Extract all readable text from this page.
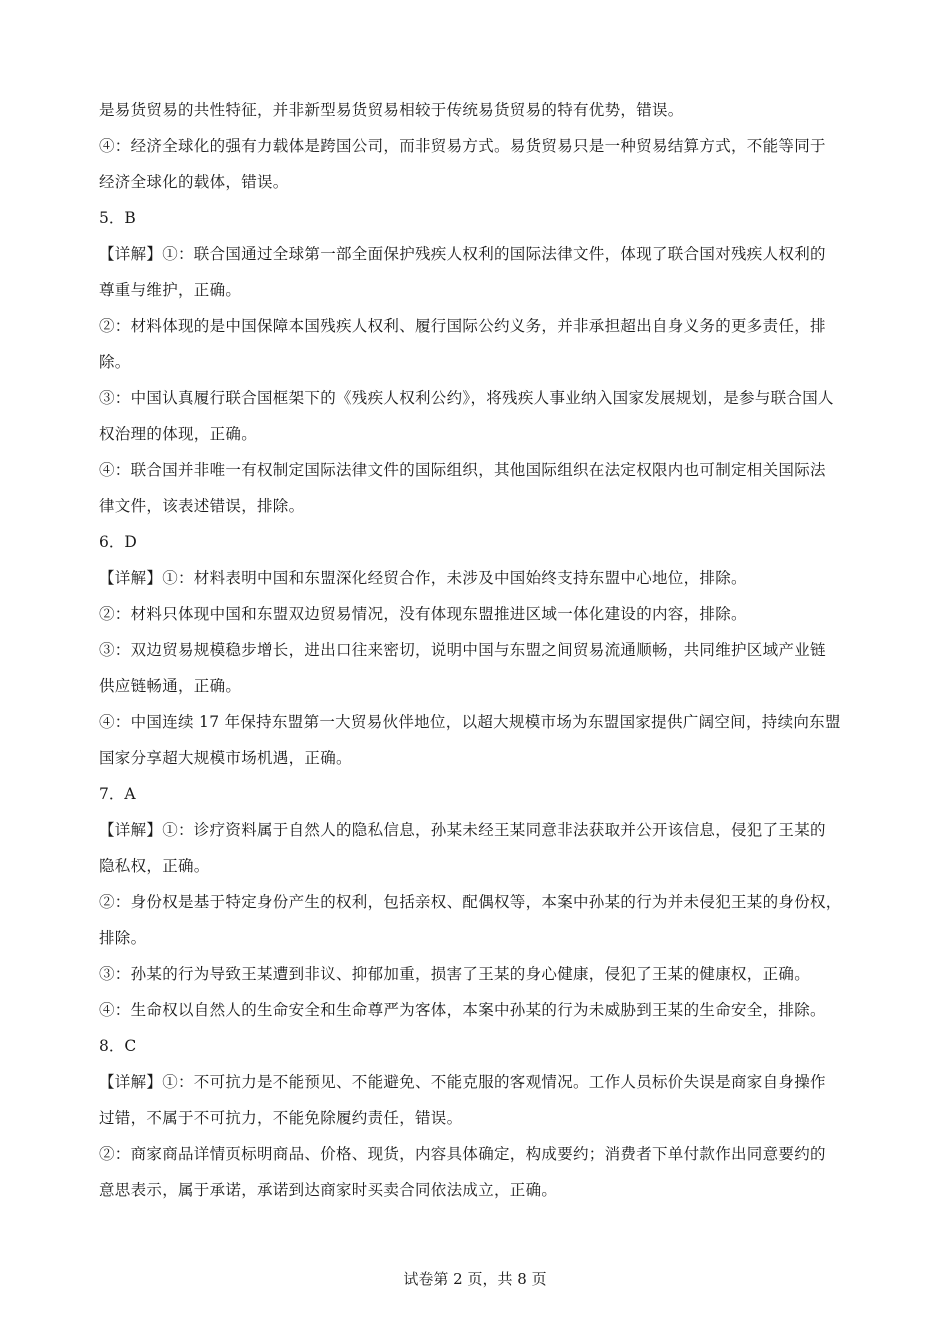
是易货贸易的共性特征，并非新型易货贸易相较于传统易货贸易的特有优势，错误。
④：经济全球化的强有力载体是跨国公司，而非贸易方式。易货贸易只是一种贸易结算方式，不能等同于
经济全球化的载体，错误。
5．B
【详解】①：联合国通过全球第一部全面保护残疾人权利的国际法律文件，体现了联合国对残疾人权利的
尊重与维护，正确。
②：材料体现的是中国保障本国残疾人权利、履行国际公约义务，并非承担超出自身义务的更多责任，排
除。
③：中国认真履行联合国框架下的《残疾人权利公约》，将残疾人事业纳入国家发展规划，是参与联合国人
权治理的体现，正确。
④：联合国并非唯一有权制定国际法律文件的国际组织，其他国际组织在法定权限内也可制定相关国际法
律文件，该表述错误，排除。
6．D
【详解】①：材料表明中国和东盟深化经贸合作，未涉及中国始终支持东盟中心地位，排除。
②：材料只体现中国和东盟双边贸易情况，没有体现东盟推进区域一体化建设的内容，排除。
③：双边贸易规模稳步增长，进出口往来密切，说明中国与东盟之间贸易流通顺畅，共同维护区域产业链
供应链畅通，正确。
④：中国连续 17 年保持东盟第一大贸易伙伴地位，以超大规模市场为东盟国家提供广阔空间，持续向东盟
国家分享超大规模市场机遇，正确。
7．A
【详解】①：诊疗资料属于自然人的隐私信息，孙某未经王某同意非法获取并公开该信息，侵犯了王某的
隐私权，正确。
②：身份权是基于特定身份产生的权利，包括亲权、配偶权等，本案中孙某的行为并未侵犯王某的身份权，
排除。
③：孙某的行为导致王某遭到非议、抑郁加重，损害了王某的身心健康，侵犯了王某的健康权，正确。
④：生命权以自然人的生命安全和生命尊严为客体，本案中孙某的行为未威胁到王某的生命安全，排除。
8．C
【详解】①：不可抗力是不能预见、不能避免、不能克服的客观情况。工作人员标价失误是商家自身操作
过错，不属于不可抗力，不能免除履约责任，错误。
②：商家商品详情页标明商品、价格、现货，内容具体确定，构成要约；消费者下单付款作出同意要约的
意思表示，属于承诺，承诺到达商家时买卖合同依法成立，正确。
试卷第 2 页，共 8 页
